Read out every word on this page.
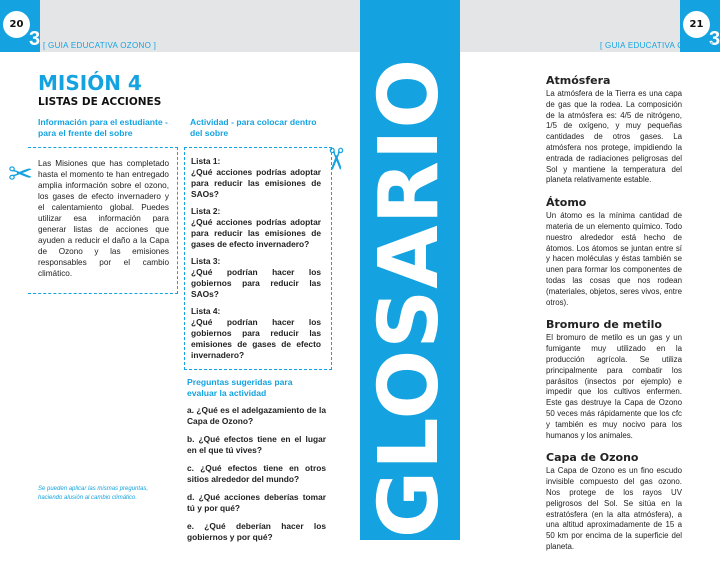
20
3 [ GUIA EDUCATIVA OZONO ]
MISIÓN 4
LISTAS DE ACCIONES
Información para el estudiante - para el frente del sobre
Las Misiones que has completado hasta el momento te han entregado amplia información sobre el ozono, los gases de efecto invernadero y el calentamiento global. Puedes utilizar esa información para generar listas de acciones que ayuden a reducir el daño a la Capa de Ozono y las emisiones responsables por el cambio climático.
✂
Actividad - para colocar dentro del sobre
Lista 1:
¿Qué acciones podrías adoptar para reducir las emisiones de SAOs?
Lista 2:
¿Qué acciones podrías adoptar para reducir las emisiones de gases de efecto invernadero?
Lista 3:
¿Qué podrían hacer los gobiernos para reducir las SAOs?
Lista 4:
¿Qué podrían hacer los gobiernos para reducir las emisiones de gases de efecto invernadero?
Preguntas sugeridas para evaluar la actividad
a. ¿Qué es el adelgazamiento de la Capa de Ozono?
b. ¿Qué efectos tiene en el lugar en el que tú vives?
c. ¿Qué efectos tiene en otros sitios alrededor del mundo?
d. ¿Qué acciones deberías tomar tú y por qué?
e. ¿Qué deberían hacer los gobiernos y por qué?
✂
Se pueden aplicar las mismas preguntas, haciendo alusión al cambio climático.	GLOSARIO
21
3
[ GUIA EDUCATIVA OZONO ]
Atmósfera
La atmósfera de la Tierra es una capa de gas que la rodea. La composición de la atmósfera es: 4/5 de nitrógeno, 1/5 de oxígeno, y muy pequeñas cantidades de otros gases. La atmósfera nos protege, impidiendo la entrada de radiaciones peligrosas del Sol y mantiene la temperatura del planeta relativamente estable.
Átomo
Un átomo es la mínima cantidad de materia de un elemento químico. Todo nuestro alrededor está hecho de átomos. Los átomos se juntan entre sí y hacen moléculas y éstas también se unen para formar los componentes de todas las cosas que nos rodean (materiales, objetos, seres vivos, entre otros).
Bromuro de metilo
El bromuro de metilo es un gas y un fumigante muy utilizado en la producción agrícola. Se utiliza principalmente para combatir los parásitos (insectos por ejemplo) e impedir que los cultivos enfermen. Este gas destruye la Capa de Ozono 50 veces más rápidamente que los cfc y también es muy nocivo para los humanos y los animales.
Capa de Ozono
La Capa de Ozono es un fino escudo invisible compuesto del gas ozono. Nos protege de los rayos UV peligrosos del Sol. Se sitúa en la estratósfera (en la alta atmósfera), a una altitud aproximadamente de 15 a 50 km por encima de la superficie del planeta.
